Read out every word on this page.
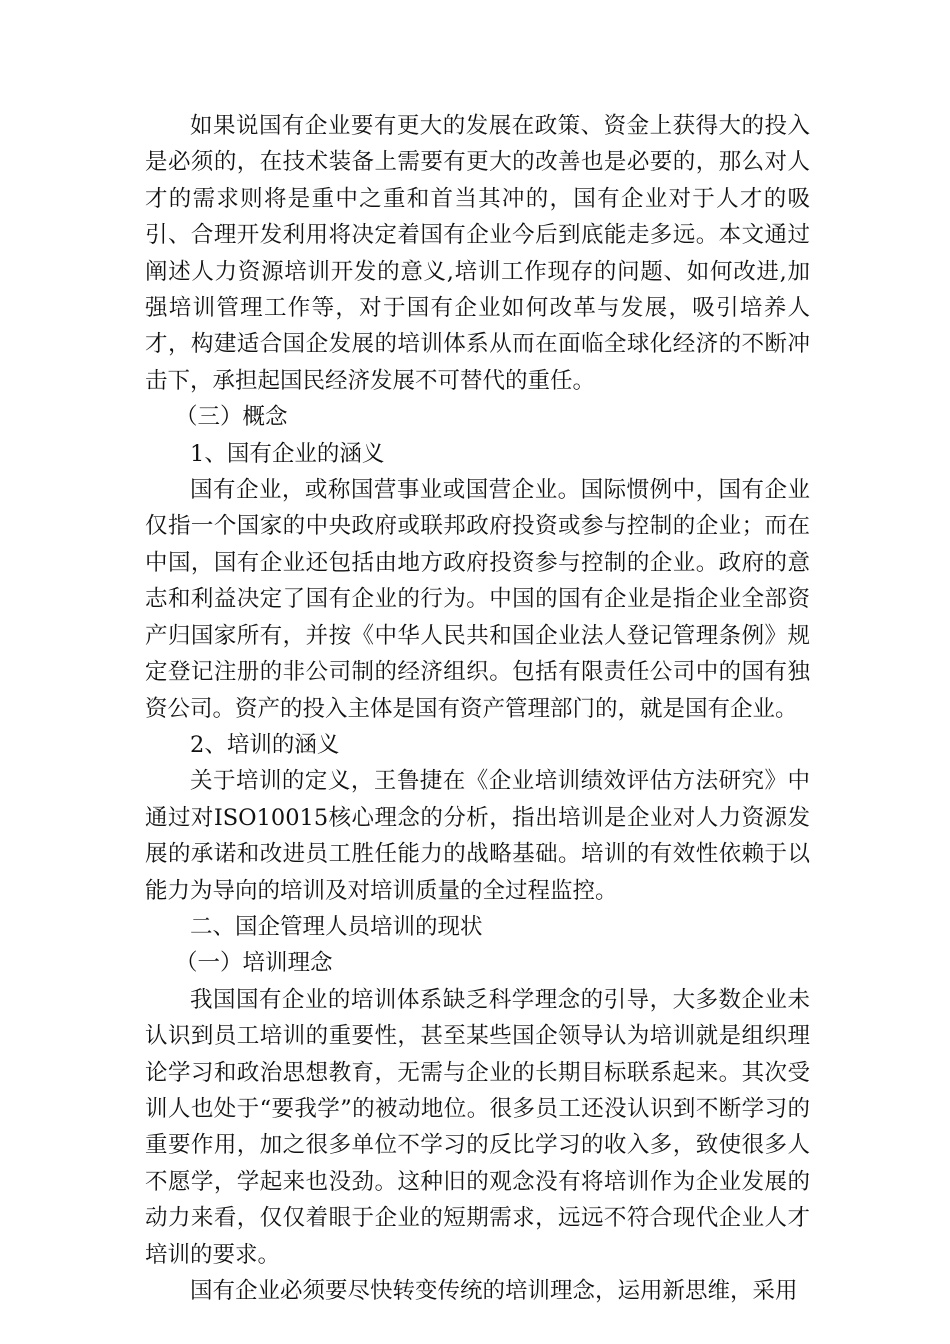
如果说国有企业要有更大的发展在政策、资金上获得大的投入是必须的，在技术装备上需要有更大的改善也是必要的，那么对人才的需求则将是重中之重和首当其冲的，国有企业对于人才的吸引、合理开发利用将决定着国有企业今后到底能走多远。本文通过阐述人力资源培训开发的意义,培训工作现存的问题、如何改进,加强培训管理工作等，对于国有企业如何改革与发展，吸引培养人才，构建适合国企发展的培训体系从而在面临全球化经济的不断冲击下，承担起国民经济发展不可替代的重任。

（三）概念

1、国有企业的涵义

国有企业，或称国营事业或国营企业。国际惯例中，国有企业仅指一个国家的中央政府或联邦政府投资或参与控制的企业；而在中国，国有企业还包括由地方政府投资参与控制的企业。政府的意志和利益决定了国有企业的行为。中国的国有企业是指企业全部资产归国家所有，并按《中华人民共和国企业法人登记管理条例》规定登记注册的非公司制的经济组织。包括有限责任公司中的国有独资公司。资产的投入主体是国有资产管理部门的，就是国有企业。

2、培训的涵义

关于培训的定义，王鲁捷在《企业培训绩效评估方法研究》中通过对ISO10015核心理念的分析，指出培训是企业对人力资源发展的承诺和改进员工胜任能力的战略基础。培训的有效性依赖于以能力为导向的培训及对培训质量的全过程监控。

二、国企管理人员培训的现状

（一）培训理念

我国国有企业的培训体系缺乏科学理念的引导，大多数企业未认识到员工培训的重要性，甚至某些国企领导认为培训就是组织理论学习和政治思想教育，无需与企业的长期目标联系起来。其次受训人也处于“要我学”的被动地位。很多员工还没认识到不断学习的重要作用，加之很多单位不学习的反比学习的收入多，致使很多人不愿学，学起来也没劲。这种旧的观念没有将培训作为企业发展的动力来看，仅仅着眼于企业的短期需求，远远不符合现代企业人才培训的要求。

国有企业必须要尽快转变传统的培训理念，运用新思维，采用
